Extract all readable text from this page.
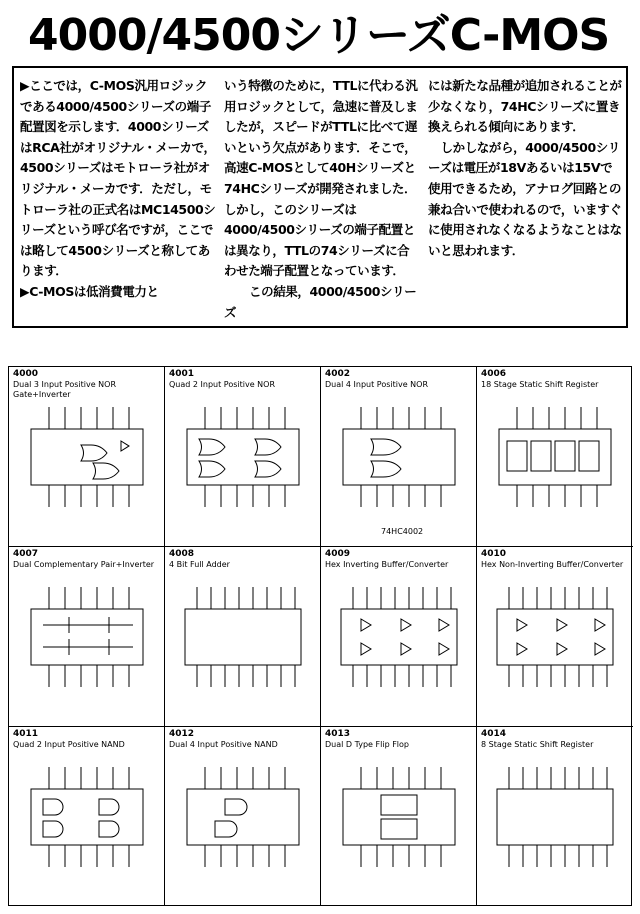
4000/4500シリーズC-MOS

▶ここでは，C-MOS汎用ロジックである4000/4500シリーズの端子配置図を示します．4000シリーズはRCA社がオリジナル・メーカで，4500シリーズはモトローラ社がオリジナル・メーカです．ただし，モトローラ社の正式名はMC14500シリーズという呼び名ですが，ここでは略して4500シリーズと称してあります．

▶C-MOSは低消費電力と

いう特徴のために，TTLに代わる汎用ロジックとして，急速に普及しましたが，スピードがTTLに比べて遅いという欠点があります．そこで，高速C-MOSとして40Hシリーズと74HCシリーズが開発されました．しかし，このシリーズは4000/4500シリーズの端子配置とは異なり，TTLの74シリーズに合わせた端子配置となっています．

この結果，4000/4500シリーズ

には新たな品種が追加されることが少なくなり，74HCシリーズに置き換えられる傾向にあります．

しかしながら，4000/4500シリーズは電圧が18Vあるいは15Vで使用できるため，アナログ回路との兼ね合いで使われるので，いますぐに使用されなくなるようなことはないと思われます．

4000
Dual 3 Input Positive NOR Gate+Inverter
4001
Quad 2 Input Positive NOR
4002
Dual 4 Input Positive NOR
74HC4002
4006
18 Stage Static Shift Register
4007
Dual Complementary Pair+Inverter
4008
4 Bit Full Adder
4009
Hex Inverting Buffer/Converter
4010
Hex Non-Inverting Buffer/Converter
4011
Quad 2 Input Positive NAND
4012
Dual 4 Input Positive NAND
4013
Dual D Type Flip Flop
4014
8 Stage Static Shift Register
